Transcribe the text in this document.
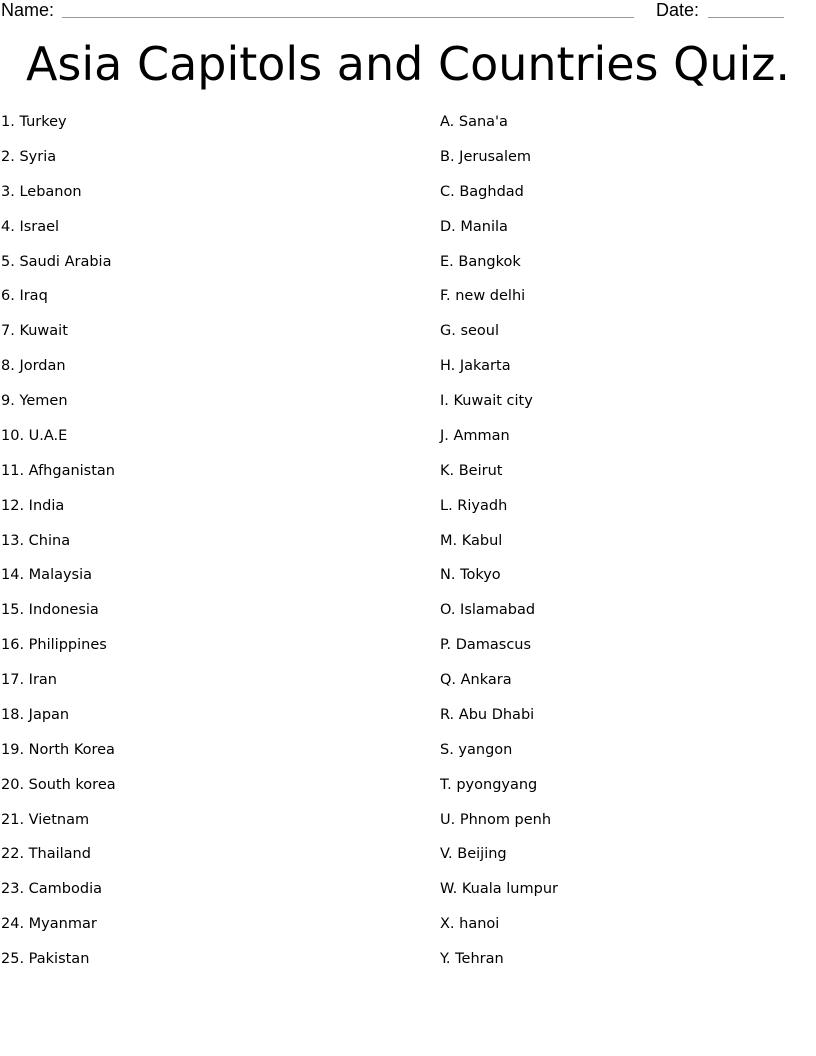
Name:	Date:
Asia Capitols and Countries Quiz.
1. Turkey
2. Syria
3. Lebanon
4. Israel
5. Saudi Arabia
6. Iraq
7. Kuwait
8. Jordan
9. Yemen
10. U.A.E
11. Afhganistan
12. India
13. China
14. Malaysia
15. Indonesia
16. Philippines
17. Iran
18. Japan
19. North Korea
20. South korea
21. Vietnam
22. Thailand
23. Cambodia
24. Myanmar
25. Pakistan
A. Sana'a
B. Jerusalem
C. Baghdad
D. Manila
E. Bangkok
F. new delhi
G. seoul
H. Jakarta
I. Kuwait city
J. Amman
K. Beirut
L. Riyadh
M. Kabul
N. Tokyo
O. Islamabad
P. Damascus
Q. Ankara
R. Abu Dhabi
S. yangon
T. pyongyang
U. Phnom penh
V. Beijing
W. Kuala lumpur
X. hanoi
Y. Tehran
